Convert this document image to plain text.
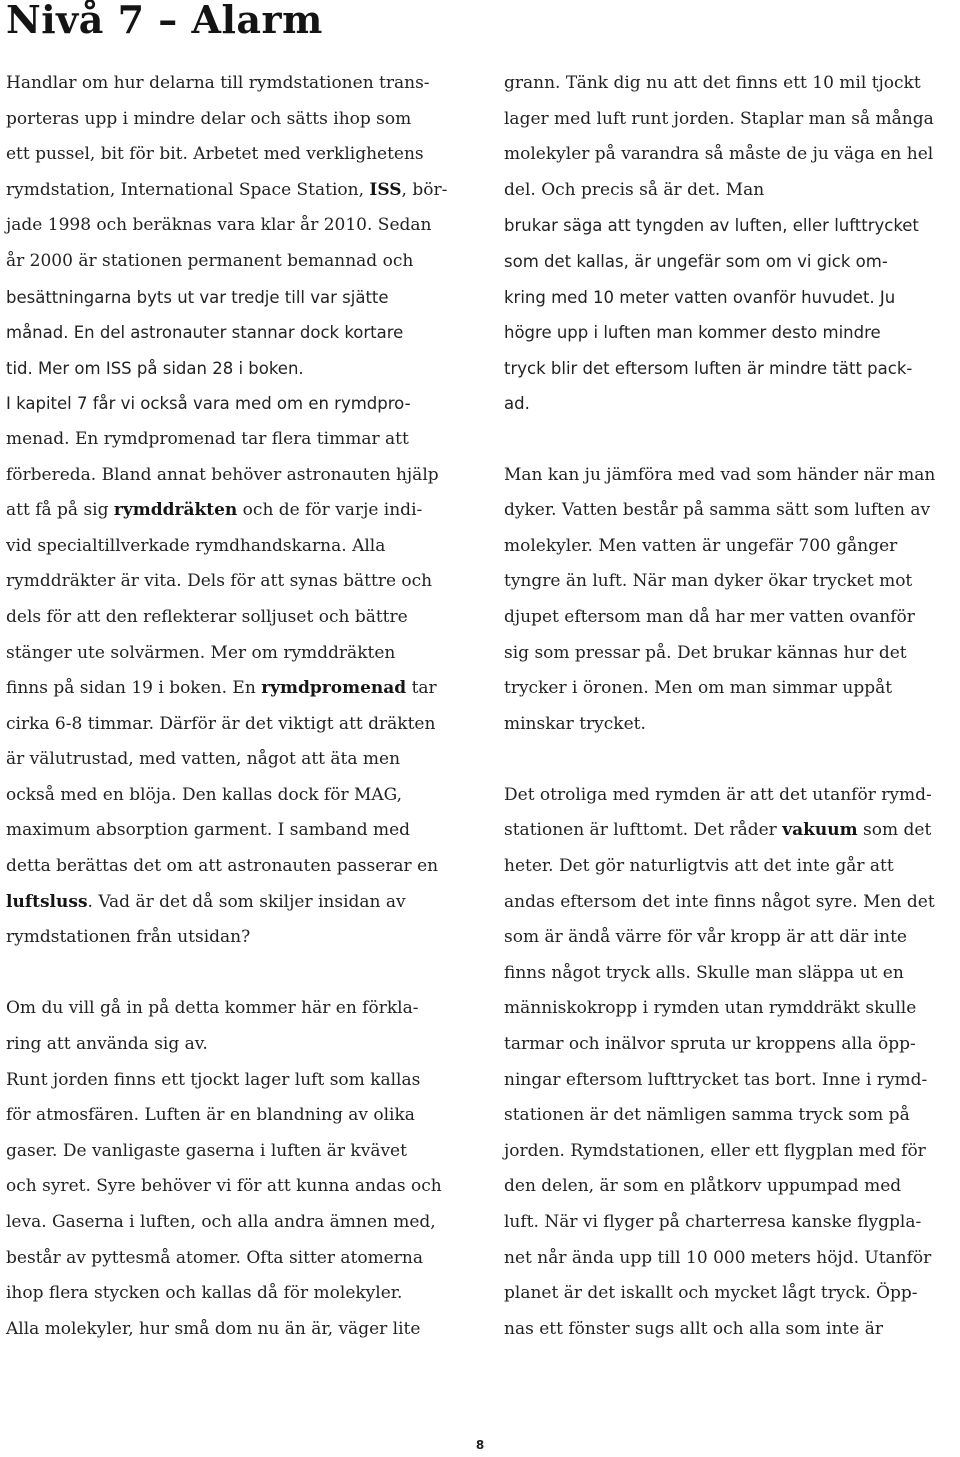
Nivå 7 – Alarm
Handlar om hur delarna till rymdstationen trans-
porteras upp i mindre delar och sätts ihop som
ett pussel, bit för bit. Arbetet med verklighetens
rymdstation, International Space Station, ISS, bör-
jade 1998 och beräknas vara klar år 2010. Sedan
år 2000 är stationen permanent bemannad och
besättningarna byts ut var tredje till var sjätte
månad. En del astronauter stannar dock kortare
tid. Mer om ISS på sidan 28 i boken.
I kapitel 7 får vi också vara med om en rymdpro-
menad. En rymdpromenad tar flera timmar att
förbereda. Bland annat behöver astronauten hjälp
att få på sig rymddräkten och de för varje indi-
vid specialtillverkade rymdhandskarna. Alla
rymddräkter är vita. Dels för att synas bättre och
dels för att den reflekterar solljuset och bättre
stänger ute solvärmen. Mer om rymddräkten
finns på sidan 19 i boken. En rymdpromenad tar
cirka 6-8 timmar. Därför är det viktigt att dräkten
är välutrustad, med vatten, något att äta men
också med en blöja. Den kallas dock för MAG,
maximum absorption garment. I samband med
detta berättas det om att astronauten passerar en
luftsluss. Vad är det då som skiljer insidan av
rymdstationen från utsidan?
Om du vill gå in på detta kommer här en förkla-
ring att använda sig av.
Runt jorden finns ett tjockt lager luft som kallas
för atmosfären. Luften är en blandning av olika
gaser. De vanligaste gaserna i luften är kvävet
och syret. Syre behöver vi för att kunna andas och
leva. Gaserna i luften, och alla andra ämnen med,
består av pyttesmå atomer. Ofta sitter atomerna
ihop flera stycken och kallas då för molekyler.
Alla molekyler, hur små dom nu än är, väger lite
grann. Tänk dig nu att det finns ett 10 mil tjockt
lager med luft runt jorden. Staplar man så många
molekyler på varandra så måste de ju väga en hel
del. Och precis så är det. Man
brukar säga att tyngden av luften, eller lufttrycket
som det kallas, är ungefär som om vi gick om-
kring med 10 meter vatten ovanför huvudet. Ju
högre upp i luften man kommer desto mindre
tryck blir det eftersom luften är mindre tätt pack-
ad.
Man kan ju jämföra med vad som händer när man
dyker. Vatten består på samma sätt som luften av
molekyler. Men vatten är ungefär 700 gånger
tyngre än luft. När man dyker ökar trycket mot
djupet eftersom man då har mer vatten ovanför
sig som pressar på. Det brukar kännas hur det
trycker i öronen. Men om man simmar uppåt
minskar trycket.
Det otroliga med rymden är att det utanför rymd-
stationen är lufttomt. Det råder vakuum som det
heter. Det gör naturligtvis att det inte går att
andas eftersom det inte finns något syre. Men det
som är ändå värre för vår kropp är att där inte
finns något tryck alls. Skulle man släppa ut en
människokropp i rymden utan rymddräkt skulle
tarmar och inälvor spruta ur kroppens alla öpp-
ningar eftersom lufttrycket tas bort. Inne i rymd-
stationen är det nämligen samma tryck som på
jorden. Rymdstationen, eller ett flygplan med för
den delen, är som en plåtkorv uppumpad med
luft. När vi flyger på charterresa kanske flygpla-
net når ända upp till 10 000 meters höjd. Utanför
planet är det iskallt och mycket lågt tryck. Öpp-
nas ett fönster sugs allt och alla som inte är
8
